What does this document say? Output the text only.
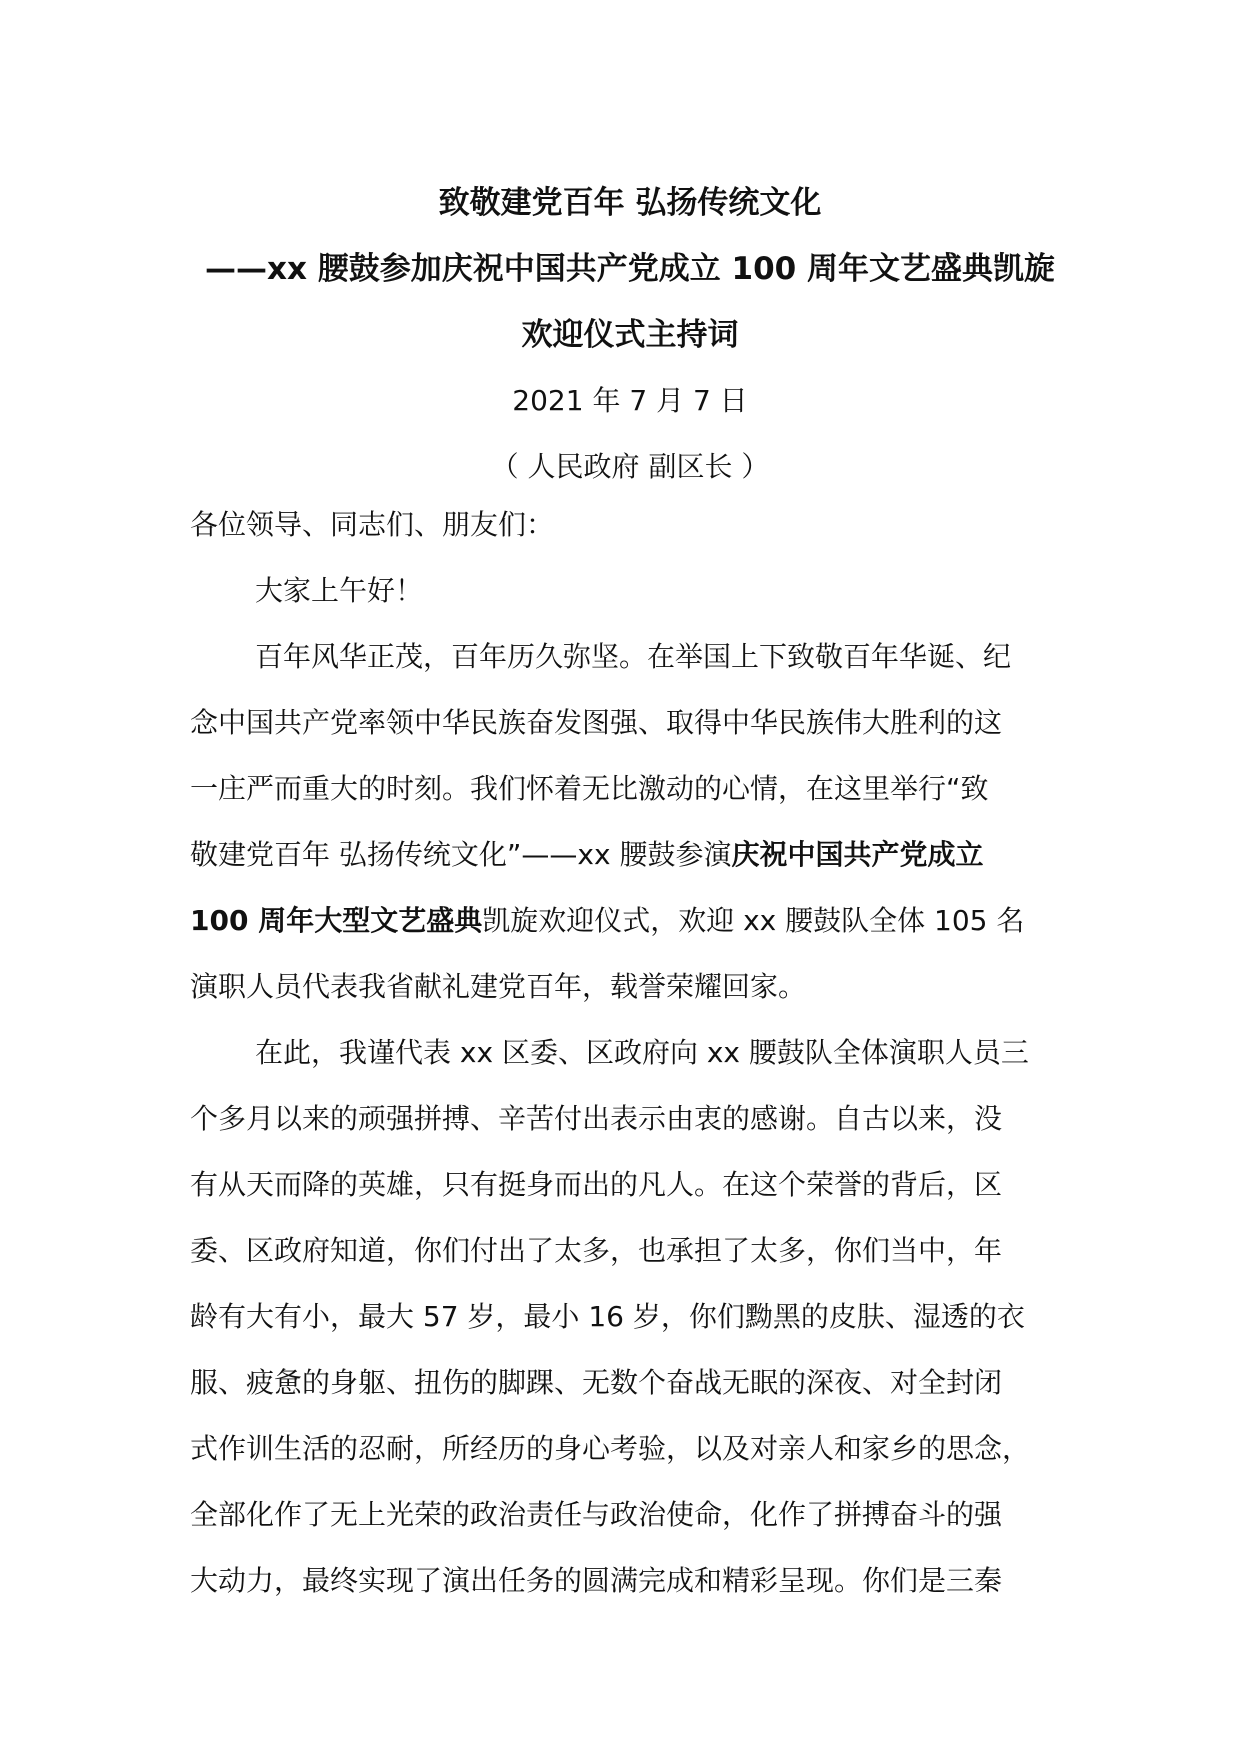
致敬建党百年 弘扬传统文化
——xx 腰鼓参加庆祝中国共产党成立 100 周年文艺盛典凯旋
欢迎仪式主持词
2021 年 7 月 7 日
（ 人民政府 副区长 ）
各位领导、同志们、朋友们：
大家上午好！
百年风华正茂，百年历久弥坚。在举国上下致敬百年华诞、纪
念中国共产党率领中华民族奋发图强、取得中华民族伟大胜利的这
一庄严而重大的时刻。我们怀着无比激动的心情，在这里举行“致
敬建党百年 弘扬传统文化”——xx 腰鼓参演庆祝中国共产党成立
100 周年大型文艺盛典凯旋欢迎仪式，欢迎 xx 腰鼓队全体 105 名
演职人员代表我省献礼建党百年，载誉荣耀回家。
在此，我谨代表 xx 区委、区政府向 xx 腰鼓队全体演职人员三
个多月以来的顽强拼搏、辛苦付出表示由衷的感谢。自古以来，没
有从天而降的英雄，只有挺身而出的凡人。在这个荣誉的背后，区
委、区政府知道，你们付出了太多，也承担了太多，你们当中，年
龄有大有小，最大 57 岁，最小 16 岁，你们黝黑的皮肤、湿透的衣
服、疲惫的身躯、扭伤的脚踝、无数个奋战无眠的深夜、对全封闭
式作训生活的忍耐，所经历的身心考验，以及对亲人和家乡的思念，
全部化作了无上光荣的政治责任与政治使命，化作了拼搏奋斗的强
大动力，最终实现了演出任务的圆满完成和精彩呈现。你们是三秦
